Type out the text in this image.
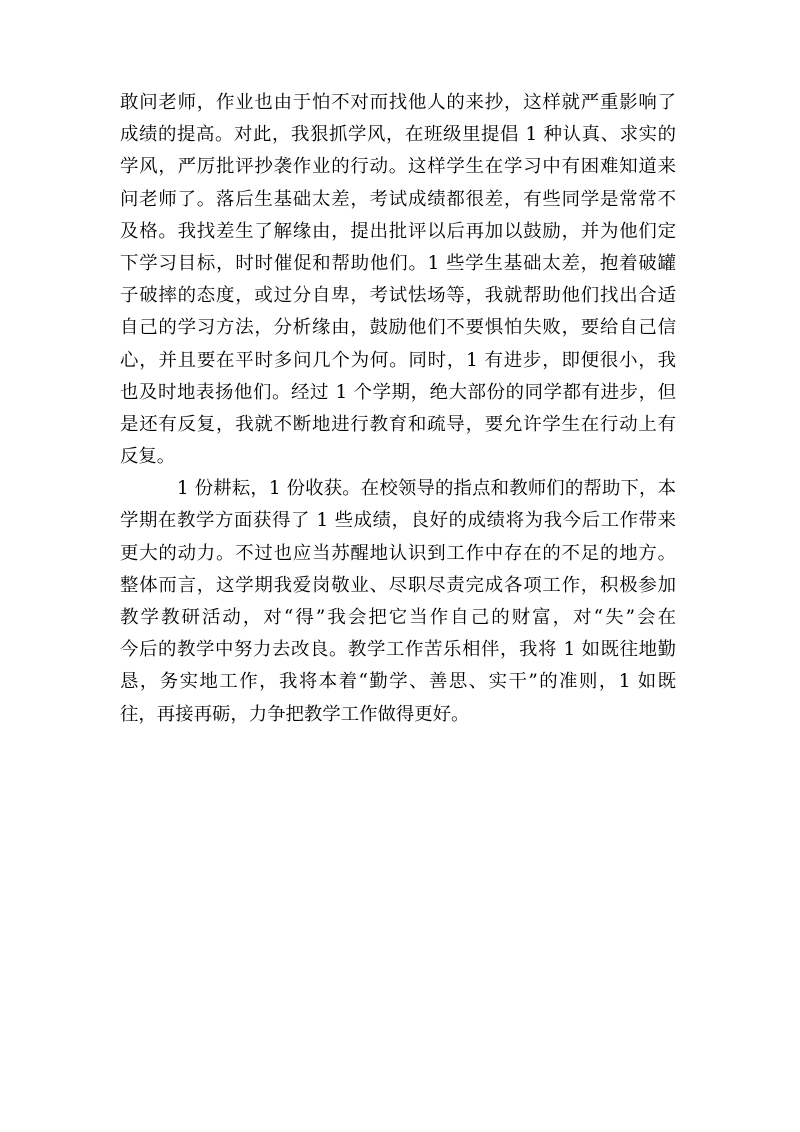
敢问老师，作业也由于怕不对而找他人的来抄，这样就严重影响了
成绩的提高。对此，我狠抓学风，在班级里提倡 1 种认真、求实的
学风，严厉批评抄袭作业的行动。这样学生在学习中有困难知道来
问老师了。落后生基础太差，考试成绩都很差，有些同学是常常不
及格。我找差生了解缘由，提出批评以后再加以鼓励，并为他们定
下学习目标，时时催促和帮助他们。1 些学生基础太差，抱着破罐
子破摔的态度，或过分自卑，考试怯场等，我就帮助他们找出合适
自己的学习方法，分析缘由，鼓励他们不要惧怕失败，要给自己信
心，并且要在平时多问几个为何。同时，1 有进步，即便很小，我
也及时地表扬他们。经过 1 个学期，绝大部份的同学都有进步，但
是还有反复，我就不断地进行教育和疏导，要允许学生在行动上有
反复。
1 份耕耘，1 份收获。在校领导的指点和教师们的帮助下，本
学期在教学方面获得了 1 些成绩，良好的成绩将为我今后工作带来
更大的动力。不过也应当苏醒地认识到工作中存在的不足的地方。
整体而言，这学期我爱岗敬业、尽职尽责完成各项工作，积极参加
教学教研活动，对“得”我会把它当作自己的财富，对“失”会在
今后的教学中努力去改良。教学工作苦乐相伴，我将 1 如既往地勤
恳，务实地工作，我将本着“勤学、善思、实干”的准则，1 如既
往，再接再砺，力争把教学工作做得更好。
